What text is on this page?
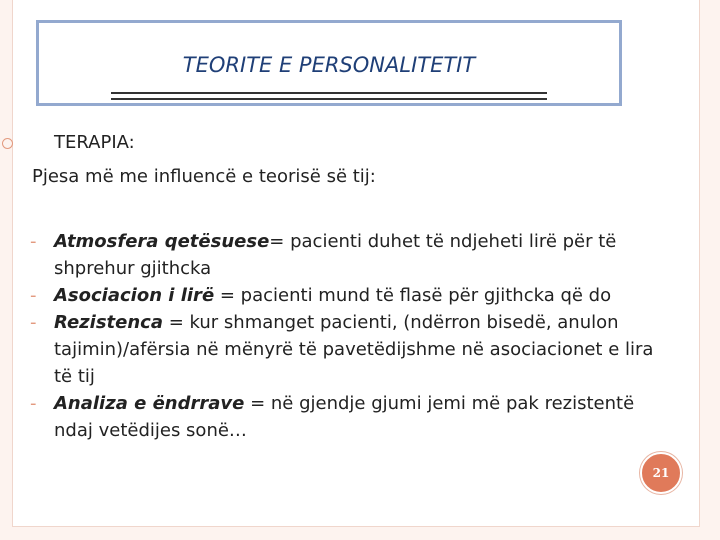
TEORITE E PERSONALITETIT
TERAPIA:
Pjesa më me influencë e teorisë së tij:
- Atmosfera qetësuese= pacienti duhet të ndjeheti lirë për të shprehur gjithcka
- Asociacion i lirë = pacienti mund të flasë për gjithcka që do
- Rezistenca = kur shmanget pacienti, (ndërron bisedë, anulon tajimin)/afërsia në mënyrë të pavetëdijshme në asociacionet e lira të tij
- Analiza e ëndrrave = në gjendje gjumi jemi më pak rezistentë ndaj vetëdijes sonë…
21
